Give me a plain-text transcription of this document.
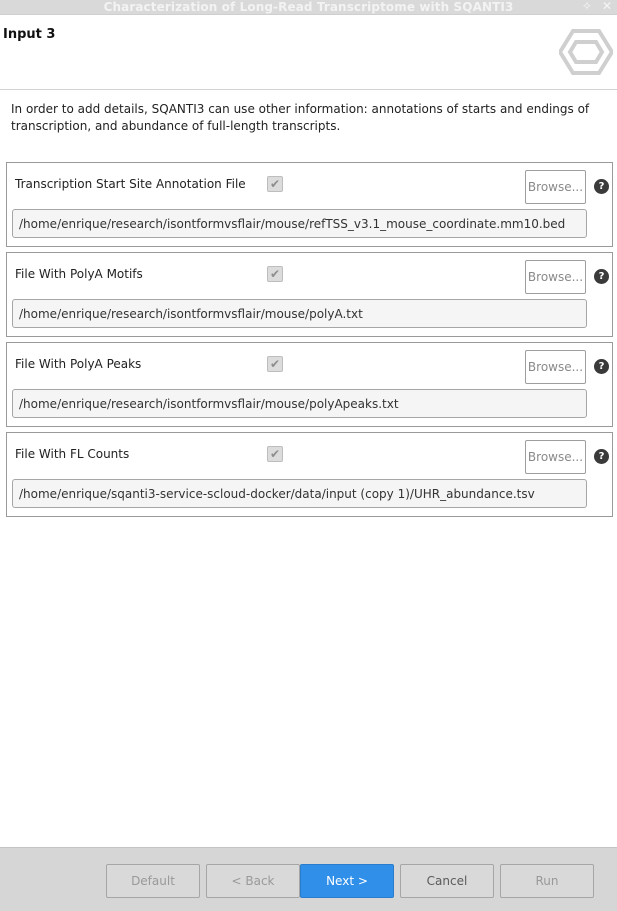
Characterization of Long-Read Transcriptome with SQANTI3	✧ ✕
Input 3
In order to add details, SQANTI3 can use other information: annotations of starts and endings of transcription, and abundance of full-length transcripts.
Transcription Start Site Annotation File ✔	Browse...	?
/home/enrique/research/isontformvsflair/mouse/refTSS_v3.1_mouse_coordinate.mm10.bed
File With PolyA Motifs	✔	Browse...	?
/home/enrique/research/isontformvsflair/mouse/polyA.txt
File With PolyA Peaks	✔	Browse...	?
/home/enrique/research/isontformvsflair/mouse/polyApeaks.txt
File With FL Counts	✔	Browse...	?
/home/enrique/sqanti3-service-scloud-docker/data/input (copy 1)/UHR_abundance.tsv
Default	< Back	Next >	Cancel	Run
